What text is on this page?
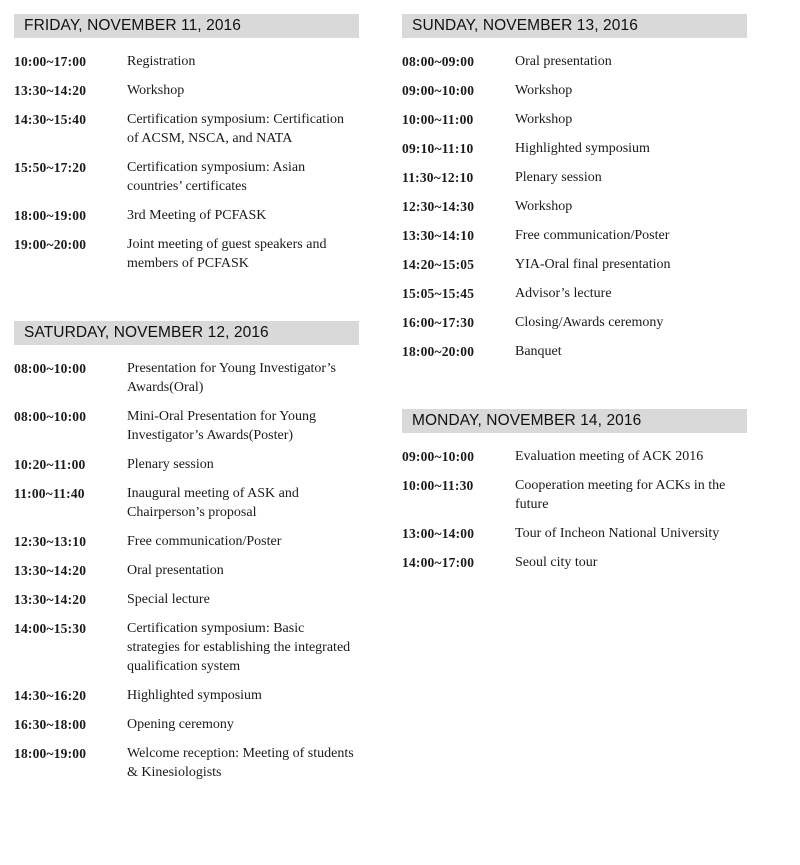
FRIDAY, NOVEMBER 11, 2016
10:00~17:00	Registration
13:30~14:20	Workshop
14:30~15:40	Certification symposium: Certification of ACSM, NSCA, and NATA
15:50~17:20	Certification symposium: Asian countries’ certificates
18:00~19:00	3rd Meeting of PCFASK
19:00~20:00	Joint meeting of guest speakers and members of PCFASK
SATURDAY, NOVEMBER 12, 2016
08:00~10:00	Presentation for Young Investigator’s Awards(Oral)
08:00~10:00	Mini-Oral Presentation for Young Investigator’s Awards(Poster)
10:20~11:00	Plenary session
11:00~11:40	Inaugural meeting of ASK and Chairperson’s proposal
12:30~13:10	Free communication/Poster
13:30~14:20	Oral presentation
13:30~14:20	Special lecture
14:00~15:30	Certification symposium: Basic strategies for establishing the integrated qualification system
14:30~16:20	Highlighted symposium
16:30~18:00	Opening ceremony
18:00~19:00	Welcome reception: Meeting of students & Kinesiologists
SUNDAY, NOVEMBER 13, 2016
08:00~09:00	Oral presentation
09:00~10:00	Workshop
10:00~11:00	Workshop
09:10~11:10	Highlighted symposium
11:30~12:10	Plenary session
12:30~14:30	Workshop
13:30~14:10	Free communication/Poster
14:20~15:05	YIA-Oral final presentation
15:05~15:45	Advisor’s lecture
16:00~17:30	Closing/Awards ceremony
18:00~20:00	Banquet
MONDAY, NOVEMBER 14, 2016
09:00~10:00	Evaluation meeting of ACK 2016
10:00~11:30	Cooperation meeting for ACKs in the future
13:00~14:00	Tour of Incheon National University
14:00~17:00	Seoul city tour
